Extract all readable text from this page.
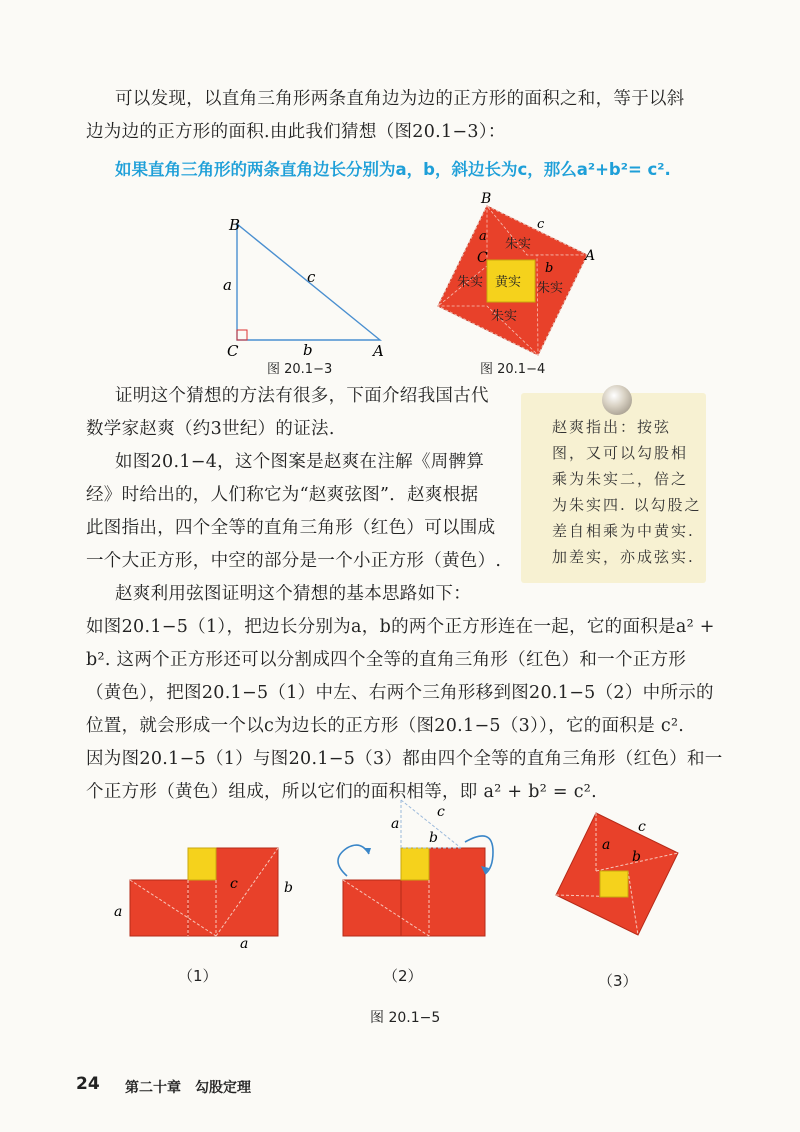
可以发现，以直角三角形两条直角边为边的正方形的面积之和，等于以斜
边为边的正方形的面积.由此我们猜想（图20.1−3）：
如果直角三角形的两条直角边长分别为a，b，斜边长为c，那么a²+b²= c².
B
C	A
a
b
c
图 20.1−3
B
C	A
a
b
c
朱实
朱实	朱实
朱实
黄实
图 20.1−4
证明这个猜想的方法有很多，下面介绍我国古代
数学家赵爽（约3世纪）的证法.
如图20.1−4，这个图案是赵爽在注解《周髀算
经》时给出的，人们称它为“赵爽弦图”．赵爽根据
此图指出，四个全等的直角三角形（红色）可以围成
一个大正方形，中空的部分是一个小正方形（黄色）.
赵爽指出：按弦图，又可以勾股相乘为朱实二，倍之为朱实四. 以勾股之差自相乘为中黄实. 加差实，亦成弦实.
赵爽利用弦图证明这个猜想的基本思路如下：
如图20.1−5（1），把边长分别为a，b的两个正方形连在一起，它的面积是a² +
b². 这两个正方形还可以分割成四个全等的直角三角形（红色）和一个正方形
（黄色），把图20.1−5（1）中左、右两个三角形移到图20.1−5（2）中所示的
位置，就会形成一个以c为边长的正方形（图20.1−5（3）），它的面积是 c².
因为图20.1−5（1）与图20.1−5（3）都由四个全等的直角三角形（红色）和一
个正方形（黄色）组成，所以它们的面积相等，即 a² + b² = c².
a
a
b
c
（1）
a
b
c
（2）
a
b
c
（3）
图 20.1−5
24 第二十章　勾股定理
